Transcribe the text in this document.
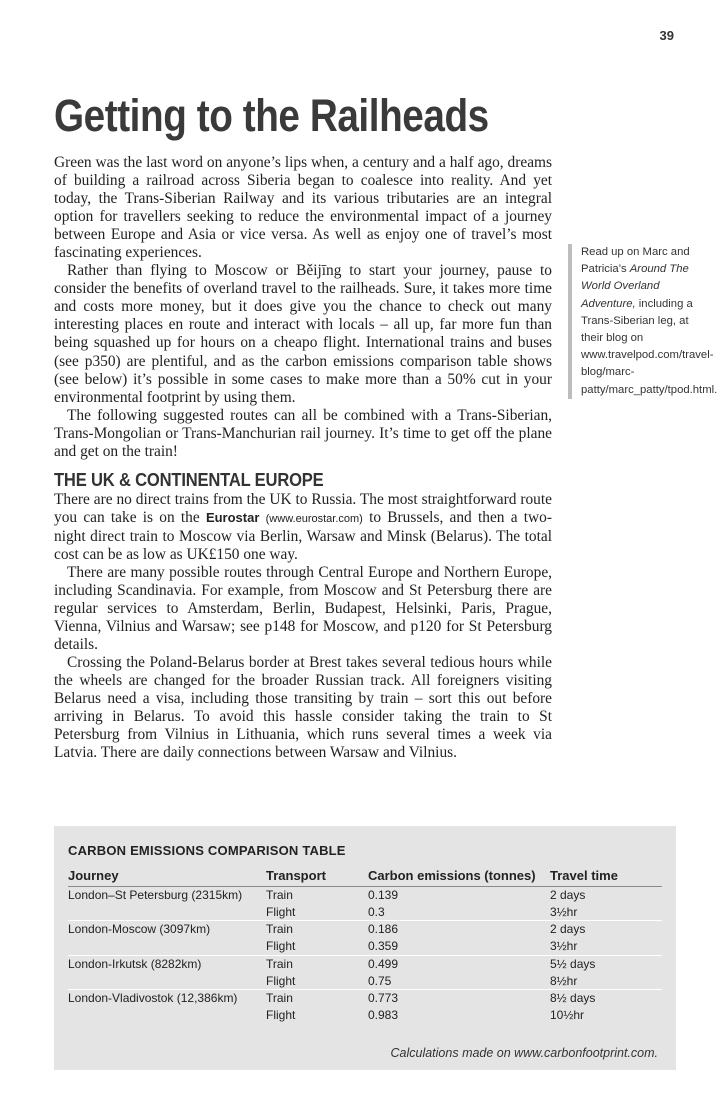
39
Getting to the Railheads

Green was the last word on anyone’s lips when, a century and a half ago, dreams of building a railroad across Siberia began to coalesce into reality. And yet today, the Trans-Siberian Railway and its various tributaries are an integral option for travellers seeking to reduce the environmental impact of a journey between Europe and Asia or vice versa. As well as enjoy one of travel’s most fascinating experiences.

Rather than flying to Moscow or Běijīng to start your journey, pause to consider the benefits of overland travel to the railheads. Sure, it takes more time and costs more money, but it does give you the chance to check out many interesting places en route and interact with locals – all up, far more fun than being squashed up for hours on a cheapo flight. International trains and buses (see p350) are plentiful, and as the carbon emissions comparison table shows (see below) it’s possible in some cases to make more than a 50% cut in your environmental footprint by using them.

The following suggested routes can all be combined with a Trans-Siberian, Trans-Mongolian or Trans-Manchurian rail journey. It’s time to get off the plane and get on the train!

THE UK & CONTINENTAL EUROPE

There are no direct trains from the UK to Russia. The most straightforward route you can take is on the Eurostar (www.eurostar.com) to Brussels, and then a two-night direct train to Moscow via Berlin, Warsaw and Minsk (Belarus). The total cost can be as low as UK£150 one way.

There are many possible routes through Central Europe and Northern Europe, including Scandinavia. For example, from Moscow and St Petersburg there are regular services to Amsterdam, Berlin, Budapest, Helsinki, Paris, Prague, Vienna, Vilnius and Warsaw; see p148 for Moscow, and p120 for St Petersburg details.

Crossing the Poland-Belarus border at Brest takes several tedious hours while the wheels are changed for the broader Russian track. All foreigners visiting Belarus need a visa, including those transiting by train – sort this out before arriving in Belarus. To avoid this hassle consider taking the train to St Petersburg from Vilnius in Lithuania, which runs several times a week via Latvia. There are daily connections between Warsaw and Vilnius.

Read up on Marc and Patricia’s Around The World Overland Adventure, including a Trans-Siberian leg, at their blog on www.travelpod.com/travel-blog/marc-patty/marc_patty/tpod.html.
CARBON EMISSIONS COMPARISON TABLE
Journey	Transport	Carbon emissions (tonnes)	Travel time
London–St Petersburg (2315km)	Train	0.139	2 days
	Flight	0.3	3½hr
London-Moscow (3097km)	Train	0.186	2 days
	Flight	0.359	3½hr
London-Irkutsk (8282km)	Train	0.499	5½ days
	Flight	0.75	8½hr
London-Vladivostok (12,386km)	Train	0.773	8½ days
	Flight	0.983	10½hr
Calculations made on www.carbonfootprint.com.
